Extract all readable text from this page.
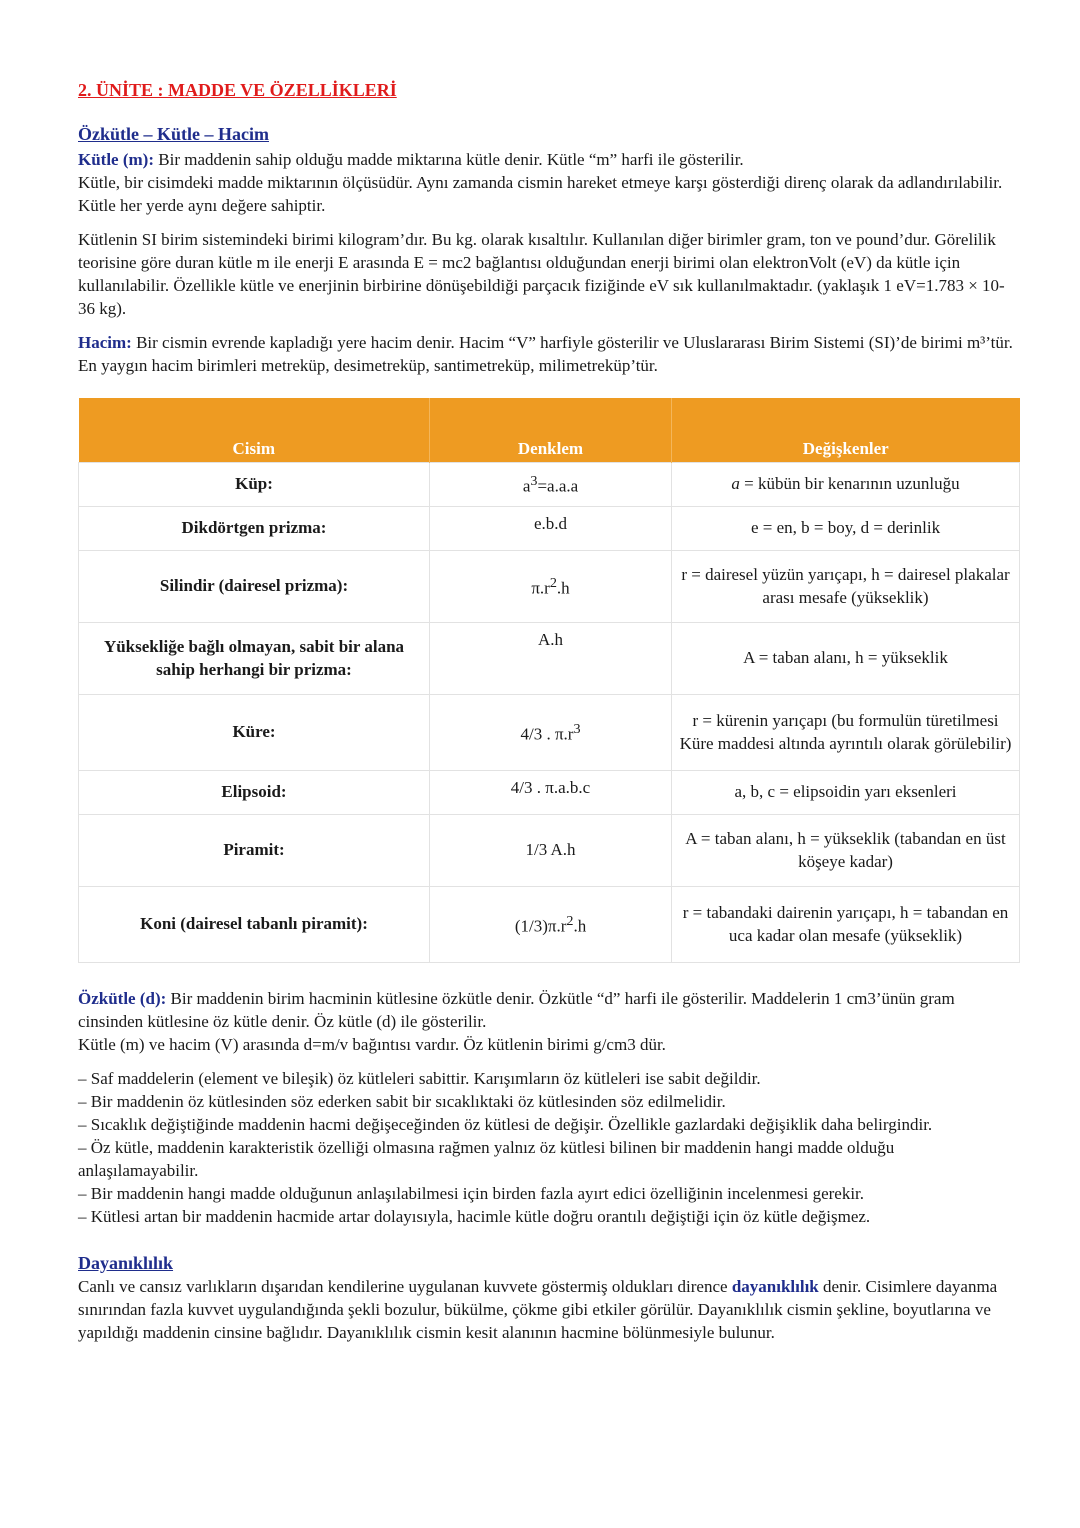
2. ÜNİTE : MADDE VE ÖZELLİKLERİ
Özkütle – Kütle – Hacim

Kütle (m): Bir maddenin sahip olduğu madde miktarına kütle denir. Kütle “m” harfi ile gösterilir.
Kütle, bir cisimdeki madde miktarının ölçüsüdür. Aynı zamanda cismin hareket etmeye karşı gösterdiği direnç olarak da adlandırılabilir. Kütle her yerde aynı değere sahiptir.

Kütlenin SI birim sistemindeki birimi kilogram’dır. Bu kg. olarak kısaltılır. Kullanılan diğer birimler gram, ton ve pound’dur. Görelilik teorisine göre duran kütle m ile enerji E arasında E = mc2 bağlantısı olduğundan enerji birimi olan elektronVolt (eV) da kütle için kullanılabilir. Özellikle kütle ve enerjinin birbirine dönüşebildiği parçacık fiziğinde eV sık kullanılmaktadır. (yaklaşık 1 eV=1.783 × 10-36 kg).

Hacim: Bir cismin evrende kapladığı yere hacim denir. Hacim “V” harfiyle gösterilir ve Uluslararası Birim Sistemi (SI)’de birimi m³’tür. En yaygın hacim birimleri metreküp, desimetreküp, santimetreküp, milimetreküp’tür.

Cisim	Denklem	Değişkenler
Küp:	$a^3=a.a.a$	a = kübün bir kenarının uzunluğu
Dikdörtgen prizma:	e.b.d	e = en, b = boy, d = derinlik
Silindir (dairesel prizma):	$\pi.r^2.h$	r = dairesel yüzün yarıçapı, h = dairesel plakalar arası mesafe (yükseklik)
Yüksekliğe bağlı olmayan, sabit bir alana sahip herhangi bir prizma:	A.h	A = taban alanı, h = yükseklik
Küre:	4/3 . $\pi.r^3$	r = kürenin yarıçapı (bu formulün türetilmesi Küre maddesi altında ayrıntılı olarak görülebilir)
Elipsoid:	4/3 . π.a.b.c	a, b, c = elipsoidin yarı eksenleri
Piramit:	1/3 A.h	A = taban alanı, h = yükseklik (tabandan en üst köşeye kadar)
Koni (dairesel tabanlı piramit):	$(1/3)\pi.r^2.h$	r = tabandaki dairenin yarıçapı, h = tabandan en uca kadar olan mesafe (yükseklik)

Özkütle (d): Bir maddenin birim hacminin kütlesine özkütle denir. Özkütle “d” harfi ile gösterilir. Maddelerin 1 cm3’ünün gram cinsinden kütlesine öz kütle denir. Öz kütle (d) ile gösterilir.
Kütle (m) ve hacim (V) arasında d=m/v bağıntısı vardır. Öz kütlenin birimi g/cm3 dür.

– Saf maddelerin (element ve bileşik) öz kütleleri sabittir. Karışımların öz kütleleri ise sabit değildir.
– Bir maddenin öz kütlesinden söz ederken sabit bir sıcaklıktaki öz kütlesinden söz edilmelidir.
– Sıcaklık değiştiğinde maddenin hacmi değişeceğinden öz kütlesi de değişir. Özellikle gazlardaki değişiklik daha belirgindir.
– Öz kütle, maddenin karakteristik özelliği olmasına rağmen yalnız öz kütlesi bilinen bir maddenin hangi madde olduğu anlaşılamayabilir.
– Bir maddenin hangi madde olduğunun anlaşılabilmesi için birden fazla ayırt edici özelliğinin incelenmesi gerekir.
– Kütlesi artan bir maddenin hacmide artar dolayısıyla, hacimle kütle doğru orantılı değiştiği için öz kütle değişmez.
Dayanıklılık

Canlı ve cansız varlıkların dışarıdan kendilerine uygulanan kuvvete göstermiş oldukları dirence dayanıklılık denir. Cisimlere dayanma sınırından fazla kuvvet uygulandığında şekli bozulur, bükülme, çökme gibi etkiler görülür. Dayanıklılık cismin şekline, boyutlarına ve yapıldığı maddenin cinsine bağlıdır. Dayanıklılık cismin kesit alanının hacmine bölünmesiyle bulunur.
